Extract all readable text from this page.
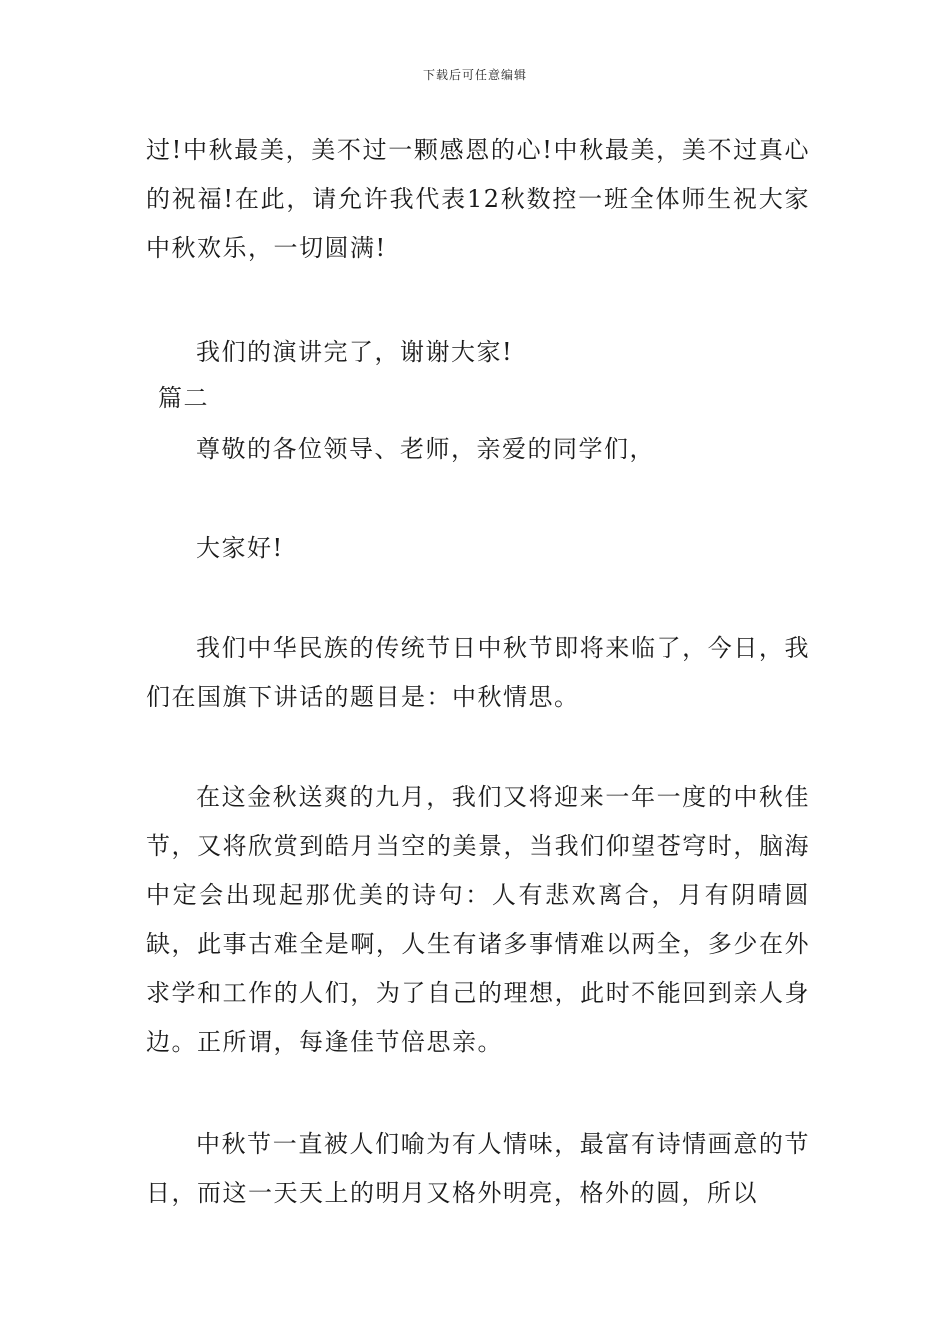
下载后可任意编辑

过!中秋最美，美不过一颗感恩的心!中秋最美，美不过真心的祝福!在此，请允许我代表12秋数控一班全体师生祝大家中秋欢乐，一切圆满!

我们的演讲完了，谢谢大家!

篇二

尊敬的各位领导、老师，亲爱的同学们，

大家好!

我们中华民族的传统节日中秋节即将来临了，今日，我们在国旗下讲话的题目是：中秋情思。

在这金秋送爽的九月，我们又将迎来一年一度的中秋佳节，又将欣赏到皓月当空的美景，当我们仰望苍穹时，脑海中定会出现起那优美的诗句：人有悲欢离合，月有阴晴圆缺，此事古难全是啊，人生有诸多事情难以两全，多少在外求学和工作的人们，为了自己的理想，此时不能回到亲人身边。正所谓，每逢佳节倍思亲。

中秋节一直被人们喻为有人情味，最富有诗情画意的节日，而这一天天上的明月又格外明亮，格外的圆，所以
